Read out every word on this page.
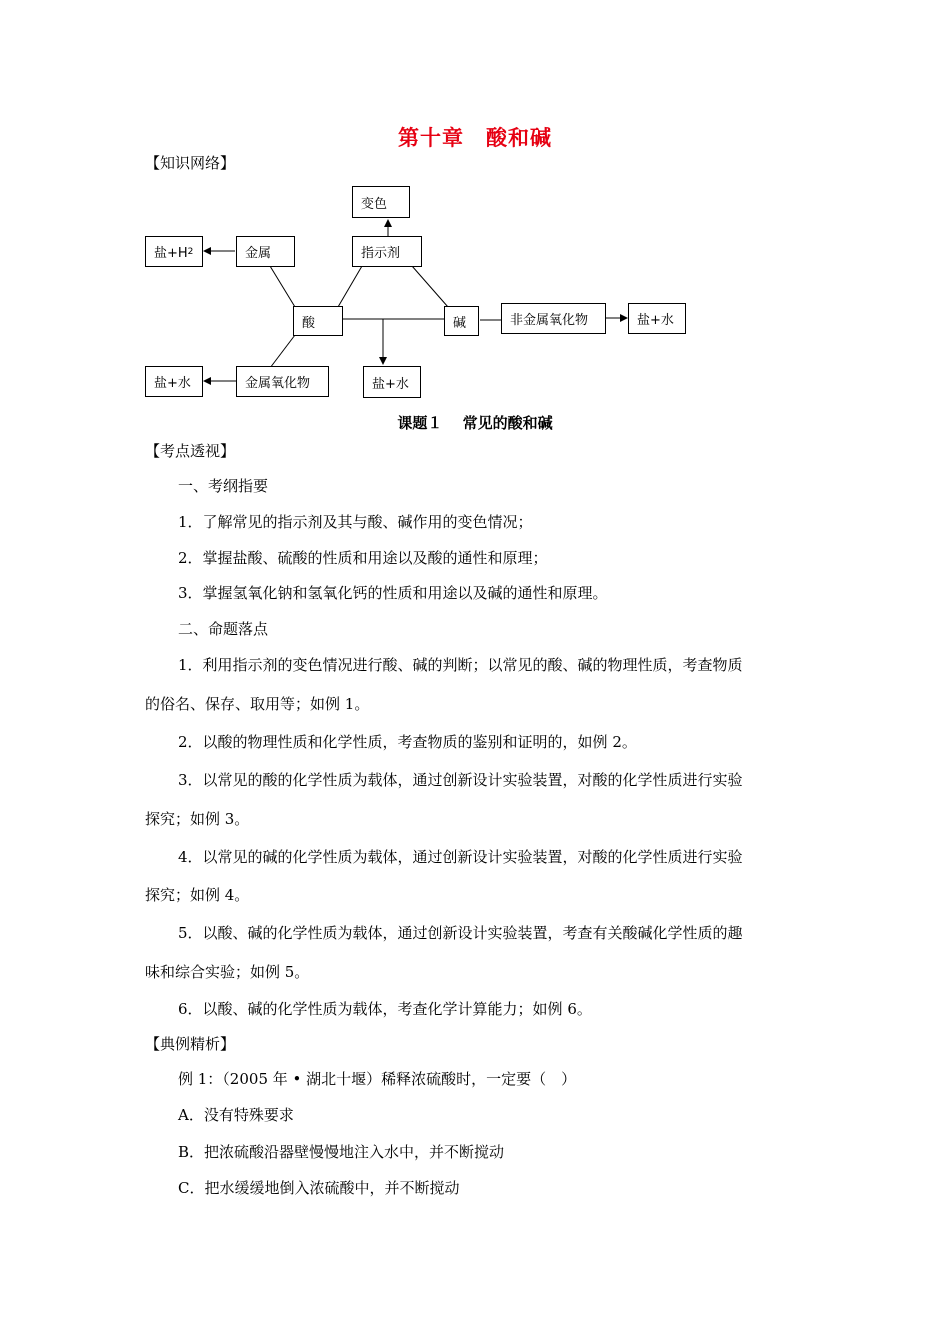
第十章　酸和碱
【知识网络】
变色
指示剂
金属
盐+H 2
酸	碱	非金属氧化物	盐+水
金属氧化物
盐+水	盐+水
课题１　 常见的酸和碱
【考点透视】
一、考纲指要
1．了解常见的指示剂及其与酸、碱作用的变色情况；
2．掌握盐酸、硫酸的性质和用途以及酸的通性和原理；
3．掌握氢氧化钠和氢氧化钙的性质和用途以及碱的通性和原理。
二、命题落点
1．利用指示剂的变色情况进行酸、碱的判断；以常见的酸、碱的物理性质，考查物质
的俗名、保存、取用等；如例 1。
2．以酸的物理性质和化学性质，考查物质的鉴别和证明的，如例 2。
3．以常见的酸的化学性质为载体，通过创新设计实验装置，对酸的化学性质进行实验
探究；如例 3。
4．以常见的碱的化学性质为载体，通过创新设计实验装置，对酸的化学性质进行实验
探究；如例 4。
5．以酸、碱的化学性质为载体，通过创新设计实验装置，考查有关酸碱化学性质的趣
味和综合实验；如例 5。
6．以酸、碱的化学性质为载体，考查化学计算能力；如例 6。
【典例精析】
例 1：（2005 年 • 湖北十堰）稀释浓硫酸时，一定要（　）
A．没有特殊要求
B．把浓硫酸沿器壁慢慢地注入水中，并不断搅动
C．把水缓缓地倒入浓硫酸中，并不断搅动
